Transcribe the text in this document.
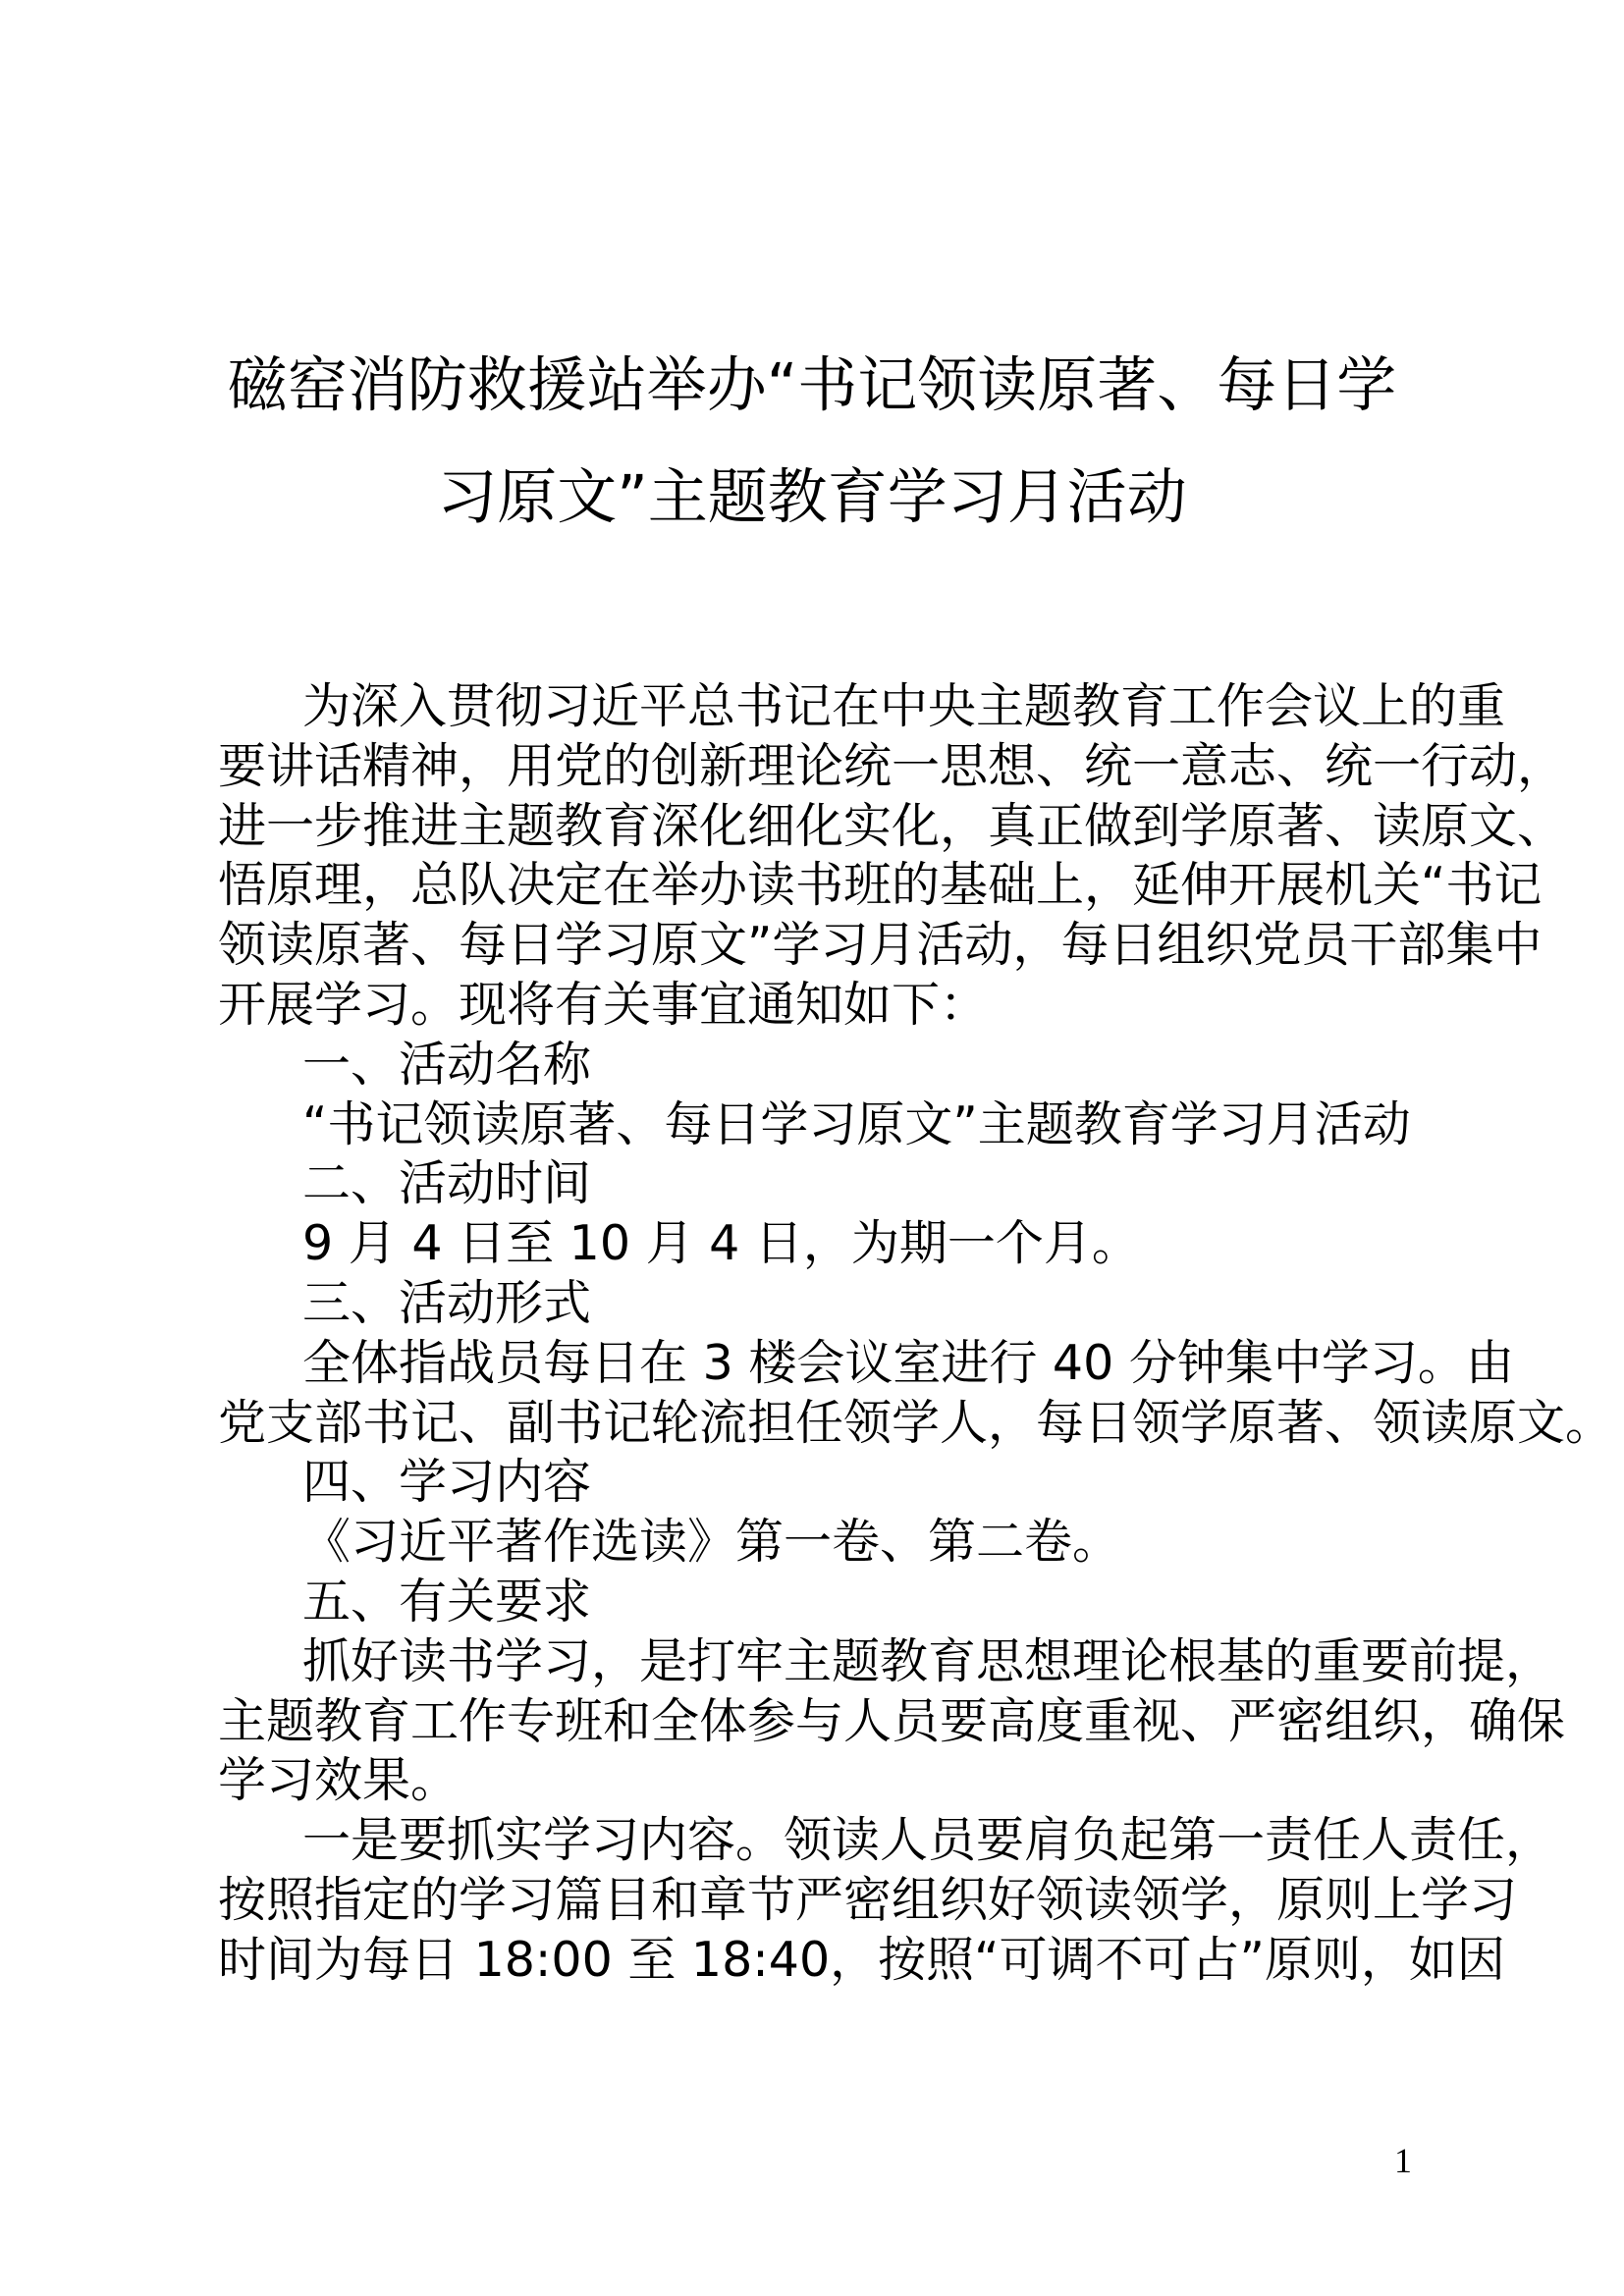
磁窑消防救援站举办“书记领读原著、每日学
习原文”主题教育学习月活动
为深入贯彻习近平总书记在中央主题教育工作会议上的重
要讲话精神，用党的创新理论统一思想、统一意志、统一行动，
进一步推进主题教育深化细化实化，真正做到学原著、读原文、
悟原理，总队决定在举办读书班的基础上，延伸开展机关“书记
领读原著、每日学习原文”学习月活动，每日组织党员干部集中
开展学习。现将有关事宜通知如下：
一、活动名称
“书记领读原著、每日学习原文”主题教育学习月活动
二、活动时间
9 月 4 日至 10 月 4 日，为期一个月。
三、活动形式
全体指战员每日在 3 楼会议室进行 40 分钟集中学习。由
党支部书记、副书记轮流担任领学人，每日领学原著、领读原文。
四、学习内容
《习近平著作选读》第一卷、第二卷。
五、有关要求
抓好读书学习，是打牢主题教育思想理论根基的重要前提，
主题教育工作专班和全体参与人员要高度重视、严密组织，确保
学习效果。
一是要抓实学习内容。领读人员要肩负起第一责任人责任，
按照指定的学习篇目和章节严密组织好领读领学，原则上学习
时间为每日 18:00 至 18:40，按照“可调不可占”原则，如因
1
